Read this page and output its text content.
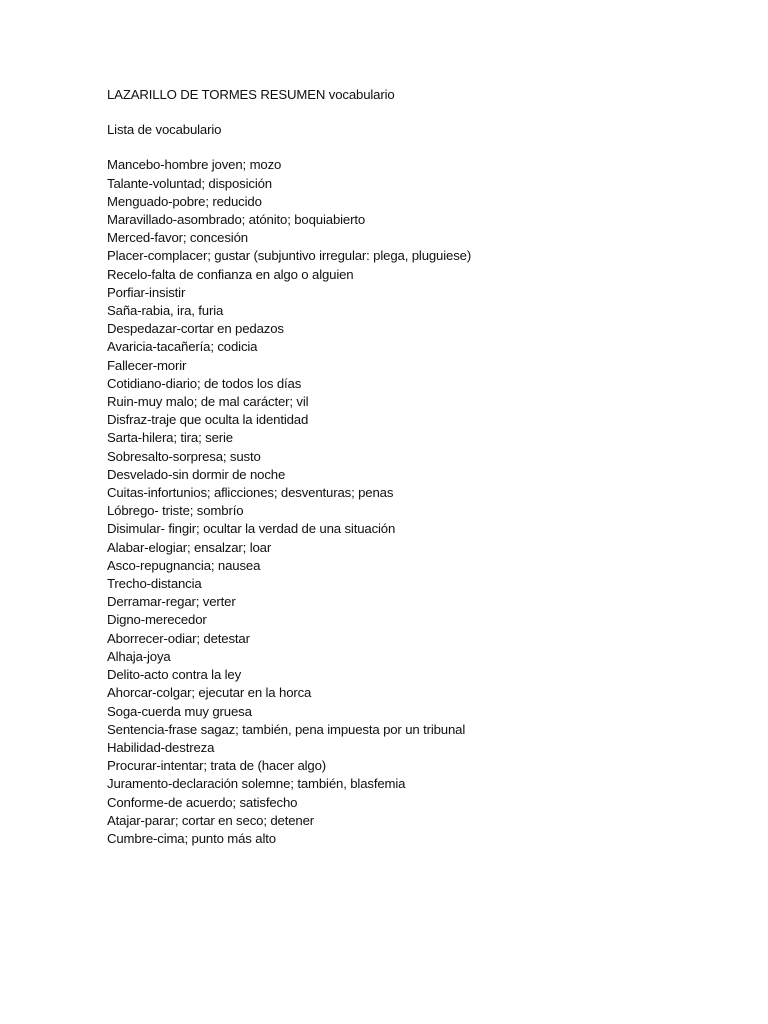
LAZARILLO DE TORMES RESUMEN vocabulario

Lista de vocabulario

Mancebo-hombre joven; mozo
Talante-voluntad; disposición
Menguado-pobre; reducido
Maravillado-asombrado; atónito; boquiabierto
Merced-favor; concesión
Placer-complacer; gustar (subjuntivo irregular: plega, pluguiese)
Recelo-falta de confianza en algo o alguien
Porfiar-insistir
Saña-rabia, ira, furia
Despedazar-cortar en pedazos
Avaricia-tacañería; codicia
Fallecer-morir
Cotidiano-diario; de todos los días
Ruin-muy malo; de mal carácter; vil
Disfraz-traje que oculta la identidad
Sarta-hilera; tira; serie
Sobresalto-sorpresa; susto
Desvelado-sin dormir de noche
Cuitas-infortunios; aflicciones; desventuras; penas
Lóbrego- triste; sombrío
Disimular- fingir; ocultar la verdad de una situación
Alabar-elogiar; ensalzar; loar
Asco-repugnancia; nausea
Trecho-distancia
Derramar-regar; verter
Digno-merecedor
Aborrecer-odiar; detestar
Alhaja-joya
Delito-acto contra la ley
Ahorcar-colgar; ejecutar en la horca
Soga-cuerda muy gruesa
Sentencia-frase sagaz; también, pena impuesta por un tribunal
Habilidad-destreza
Procurar-intentar; trata de (hacer algo)
Juramento-declaración solemne; también, blasfemia
Conforme-de acuerdo; satisfecho
Atajar-parar; cortar en seco; detener
Cumbre-cima; punto más alto
